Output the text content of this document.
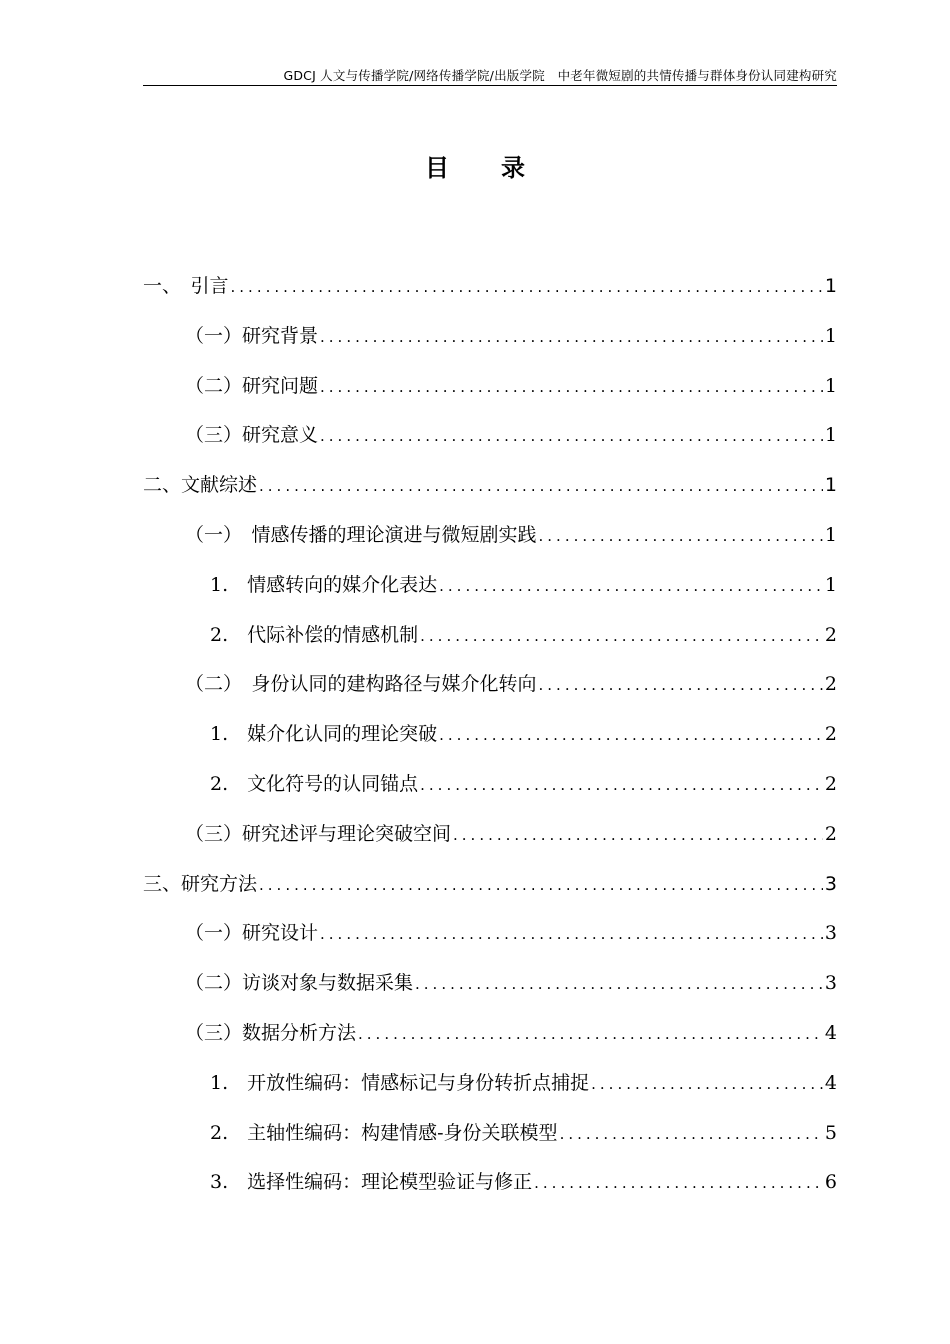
GDCJ 人文与传播学院/网络传播学院/出版学院　中老年微短剧的共情传播与群体身份认同建构研究
目 录
一、　引言 .....	1
（一）研究背景 .....	1
（二）研究问题 .....	1
（三）研究意义 .....	1
二、文献综述 .....	1
（一）　情感传播的理论演进与微短剧实践 .....	1
1.　情感转向的媒介化表达 .....	1
2.　代际补偿的情感机制 .....	2
（二）　身份认同的建构路径与媒介化转向 .....	2
1.　媒介化认同的理论突破 .....	2
2.　文化符号的认同锚点 .....	2
（三）研究述评与理论突破空间 .....	2
三、研究方法 .....	3
（一）研究设计 .....	3
（二）访谈对象与数据采集 .....	3
（三）数据分析方法 .....	4
1.　开放性编码：情感标记与身份转折点捕捉 .....	4
2.　主轴性编码：构建情感-身份关联模型 .....	5
3.　选择性编码：理论模型验证与修正 .....	6
